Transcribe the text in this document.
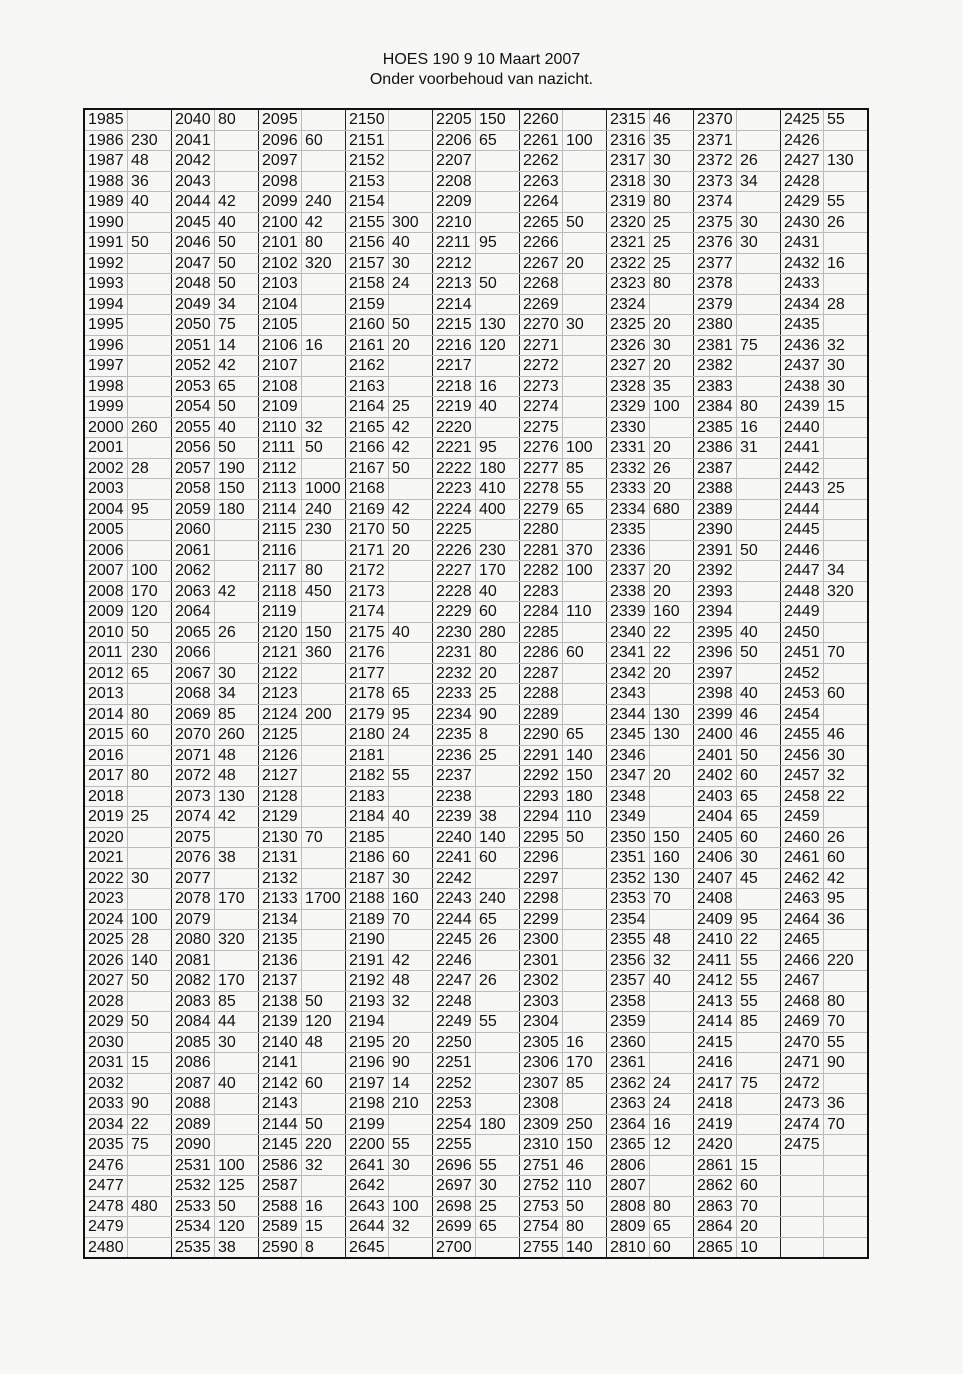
HOES 190 9 10 Maart 2007
Onder voorbehoud van nazicht.
1985		2040	80	2095		2150		2205	150	2260		2315	46	2370		2425	55
1986	230	2041		2096	60	2151		2206	65	2261	100	2316	35	2371		2426	
1987	48	2042		2097		2152		2207		2262		2317	30	2372	26	2427	130
1988	36	2043		2098		2153		2208		2263		2318	30	2373	34	2428	
1989	40	2044	42	2099	240	2154		2209		2264		2319	80	2374		2429	55
1990		2045	40	2100	42	2155	300	2210		2265	50	2320	25	2375	30	2430	26
1991	50	2046	50	2101	80	2156	40	2211	95	2266		2321	25	2376	30	2431	
1992		2047	50	2102	320	2157	30	2212		2267	20	2322	25	2377		2432	16
1993		2048	50	2103		2158	24	2213	50	2268		2323	80	2378		2433	
1994		2049	34	2104		2159		2214		2269		2324		2379		2434	28
1995		2050	75	2105		2160	50	2215	130	2270	30	2325	20	2380		2435	
1996		2051	14	2106	16	2161	20	2216	120	2271		2326	30	2381	75	2436	32
1997		2052	42	2107		2162		2217		2272		2327	20	2382		2437	30
1998		2053	65	2108		2163		2218	16	2273		2328	35	2383		2438	30
1999		2054	50	2109		2164	25	2219	40	2274		2329	100	2384	80	2439	15
2000	260	2055	40	2110	32	2165	42	2220		2275		2330		2385	16	2440	
2001		2056	50	2111	50	2166	42	2221	95	2276	100	2331	20	2386	31	2441	
2002	28	2057	190	2112		2167	50	2222	180	2277	85	2332	26	2387		2442	
2003		2058	150	2113	1000	2168		2223	410	2278	55	2333	20	2388		2443	25
2004	95	2059	180	2114	240	2169	42	2224	400	2279	65	2334	680	2389		2444	
2005		2060		2115	230	2170	50	2225		2280		2335		2390		2445	
2006		2061		2116		2171	20	2226	230	2281	370	2336		2391	50	2446	
2007	100	2062		2117	80	2172		2227	170	2282	100	2337	20	2392		2447	34
2008	170	2063	42	2118	450	2173		2228	40	2283		2338	20	2393		2448	320
2009	120	2064		2119		2174		2229	60	2284	110	2339	160	2394		2449	
2010	50	2065	26	2120	150	2175	40	2230	280	2285		2340	22	2395	40	2450	
2011	230	2066		2121	360	2176		2231	80	2286	60	2341	22	2396	50	2451	70
2012	65	2067	30	2122		2177		2232	20	2287		2342	20	2397		2452	
2013		2068	34	2123		2178	65	2233	25	2288		2343		2398	40	2453	60
2014	80	2069	85	2124	200	2179	95	2234	90	2289		2344	130	2399	46	2454	
2015	60	2070	260	2125		2180	24	2235	8	2290	65	2345	130	2400	46	2455	46
2016		2071	48	2126		2181		2236	25	2291	140	2346		2401	50	2456	30
2017	80	2072	48	2127		2182	55	2237		2292	150	2347	20	2402	60	2457	32
2018		2073	130	2128		2183		2238		2293	180	2348		2403	65	2458	22
2019	25	2074	42	2129		2184	40	2239	38	2294	110	2349		2404	65	2459	
2020		2075		2130	70	2185		2240	140	2295	50	2350	150	2405	60	2460	26
2021		2076	38	2131		2186	60	2241	60	2296		2351	160	2406	30	2461	60
2022	30	2077		2132		2187	30	2242		2297		2352	130	2407	45	2462	42
2023		2078	170	2133	1700	2188	160	2243	240	2298		2353	70	2408		2463	95
2024	100	2079		2134		2189	70	2244	65	2299		2354		2409	95	2464	36
2025	28	2080	320	2135		2190		2245	26	2300		2355	48	2410	22	2465	
2026	140	2081		2136		2191	42	2246		2301		2356	32	2411	55	2466	220
2027	50	2082	170	2137		2192	48	2247	26	2302		2357	40	2412	55	2467	
2028		2083	85	2138	50	2193	32	2248		2303		2358		2413	55	2468	80
2029	50	2084	44	2139	120	2194		2249	55	2304		2359		2414	85	2469	70
2030		2085	30	2140	48	2195	20	2250		2305	16	2360		2415		2470	55
2031	15	2086		2141		2196	90	2251		2306	170	2361		2416		2471	90
2032		2087	40	2142	60	2197	14	2252		2307	85	2362	24	2417	75	2472	
2033	90	2088		2143		2198	210	2253		2308		2363	24	2418		2473	36
2034	22	2089		2144	50	2199		2254	180	2309	250	2364	16	2419		2474	70
2035	75	2090		2145	220	2200	55	2255		2310	150	2365	12	2420		2475	
2476		2531	100	2586	32	2641	30	2696	55	2751	46	2806		2861	15		
2477		2532	125	2587		2642		2697	30	2752	110	2807		2862	60		
2478	480	2533	50	2588	16	2643	100	2698	25	2753	50	2808	80	2863	70		
2479		2534	120	2589	15	2644	32	2699	65	2754	80	2809	65	2864	20		
2480		2535	38	2590	8	2645		2700		2755	140	2810	60	2865	10		
